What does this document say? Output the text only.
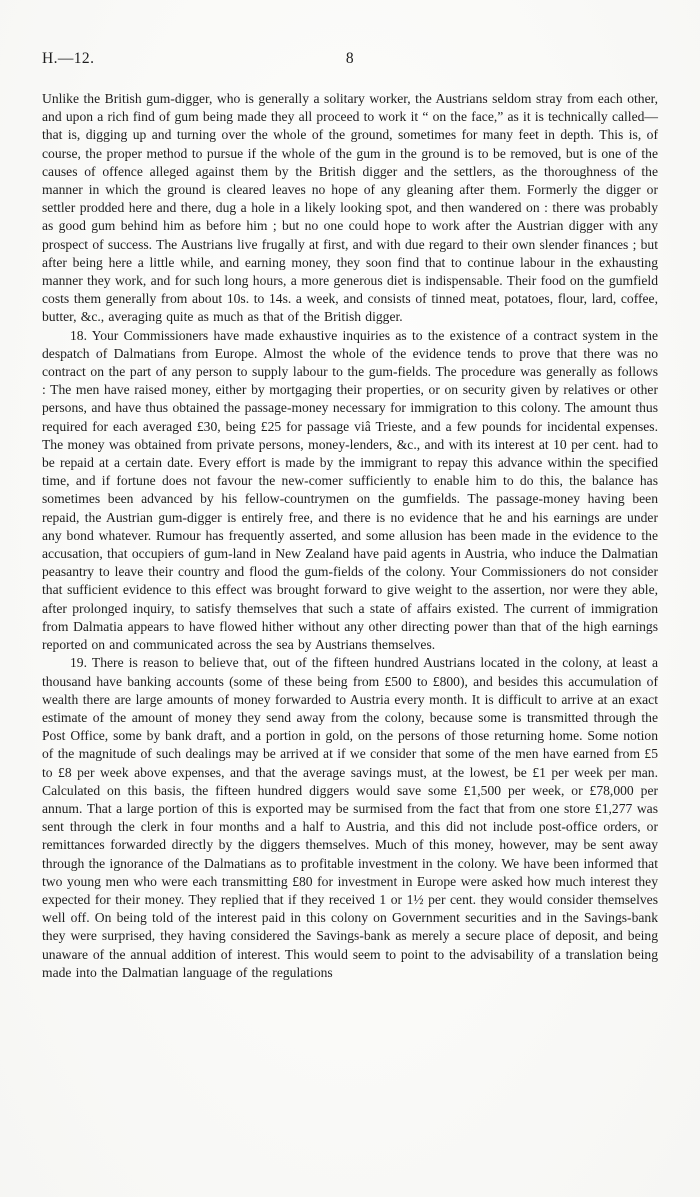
H.—12.	8

Unlike the British gum-digger, who is generally a solitary worker, the Austrians seldom stray from each other, and upon a rich find of gum being made they all proceed to work it “ on the face,” as it is technically called—that is, digging up and turning over the whole of the ground, sometimes for many feet in depth. This is, of course, the proper method to pursue if the whole of the gum in the ground is to be removed, but is one of the causes of offence alleged against them by the British digger and the settlers, as the thoroughness of the manner in which the ground is cleared leaves no hope of any gleaning after them. Formerly the digger or settler prodded here and there, dug a hole in a likely looking spot, and then wandered on : there was probably as good gum behind him as before him ; but no one could hope to work after the Austrian digger with any prospect of success. The Austrians live frugally at first, and with due regard to their own slender finances ; but after being here a little while, and earning money, they soon find that to continue labour in the exhausting manner they work, and for such long hours, a more generous diet is indispensable. Their food on the gumfield costs them generally from about 10s. to 14s. a week, and consists of tinned meat, potatoes, flour, lard, coffee, butter, &c., averaging quite as much as that of the British digger.

18. Your Commissioners have made exhaustive inquiries as to the existence of a contract system in the despatch of Dalmatians from Europe. Almost the whole of the evidence tends to prove that there was no contract on the part of any person to supply labour to the gum-fields. The procedure was generally as follows : The men have raised money, either by mortgaging their properties, or on security given by relatives or other persons, and have thus obtained the passage-money necessary for immigration to this colony. The amount thus required for each averaged £30, being £25 for passage viâ Trieste, and a few pounds for incidental expenses. The money was obtained from private persons, money-lenders, &c., and with its interest at 10 per cent. had to be repaid at a certain date. Every effort is made by the immigrant to repay this advance within the specified time, and if fortune does not favour the new-comer sufficiently to enable him to do this, the balance has sometimes been advanced by his fellow-countrymen on the gumfields. The passage-money having been repaid, the Austrian gum-digger is entirely free, and there is no evidence that he and his earnings are under any bond whatever. Rumour has frequently asserted, and some allusion has been made in the evidence to the accusation, that occupiers of gum-land in New Zealand have paid agents in Austria, who induce the Dalmatian peasantry to leave their country and flood the gum-fields of the colony. Your Commissioners do not consider that sufficient evidence to this effect was brought forward to give weight to the assertion, nor were they able, after prolonged inquiry, to satisfy themselves that such a state of affairs existed. The current of immigration from Dalmatia appears to have flowed hither without any other directing power than that of the high earnings reported on and communicated across the sea by Austrians themselves.

19. There is reason to believe that, out of the fifteen hundred Austrians located in the colony, at least a thousand have banking accounts (some of these being from £500 to £800), and besides this accumulation of wealth there are large amounts of money forwarded to Austria every month. It is difficult to arrive at an exact estimate of the amount of money they send away from the colony, because some is transmitted through the Post Office, some by bank draft, and a portion in gold, on the persons of those returning home. Some notion of the magnitude of such dealings may be arrived at if we consider that some of the men have earned from £5 to £8 per week above expenses, and that the average savings must, at the lowest, be £1 per week per man. Calculated on this basis, the fifteen hundred diggers would save some £1,500 per week, or £78,000 per annum. That a large portion of this is exported may be surmised from the fact that from one store £1,277 was sent through the clerk in four months and a half to Austria, and this did not include post-office orders, or remittances forwarded directly by the diggers themselves. Much of this money, however, may be sent away through the ignorance of the Dalmatians as to profitable investment in the colony. We have been informed that two young men who were each transmitting £80 for investment in Europe were asked how much interest they expected for their money. They replied that if they received 1 or 1½ per cent. they would consider themselves well off. On being told of the interest paid in this colony on Government securities and in the Savings-bank they were surprised, they having considered the Savings-bank as merely a secure place of deposit, and being unaware of the annual addition of interest. This would seem to point to the advisability of a translation being made into the Dalmatian language of the regulations
